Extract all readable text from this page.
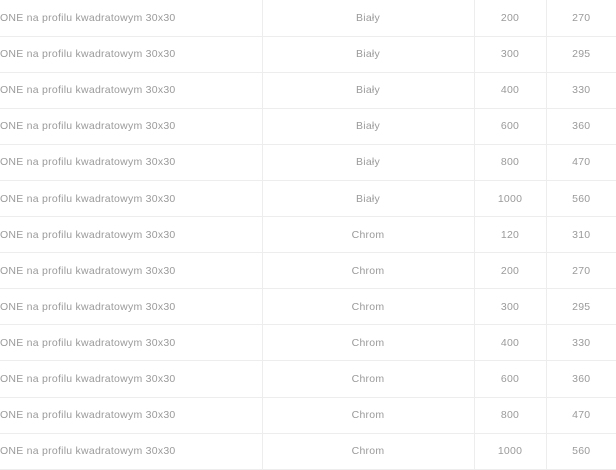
ONE na profilu kwadratowym 30x30	Biały	200	270
ONE na profilu kwadratowym 30x30	Biały	300	295
ONE na profilu kwadratowym 30x30	Biały	400	330
ONE na profilu kwadratowym 30x30	Biały	600	360
ONE na profilu kwadratowym 30x30	Biały	800	470
ONE na profilu kwadratowym 30x30	Biały	1000	560
ONE na profilu kwadratowym 30x30	Chrom	120	310
ONE na profilu kwadratowym 30x30	Chrom	200	270
ONE na profilu kwadratowym 30x30	Chrom	300	295
ONE na profilu kwadratowym 30x30	Chrom	400	330
ONE na profilu kwadratowym 30x30	Chrom	600	360
ONE na profilu kwadratowym 30x30	Chrom	800	470
ONE na profilu kwadratowym 30x30	Chrom	1000	560
